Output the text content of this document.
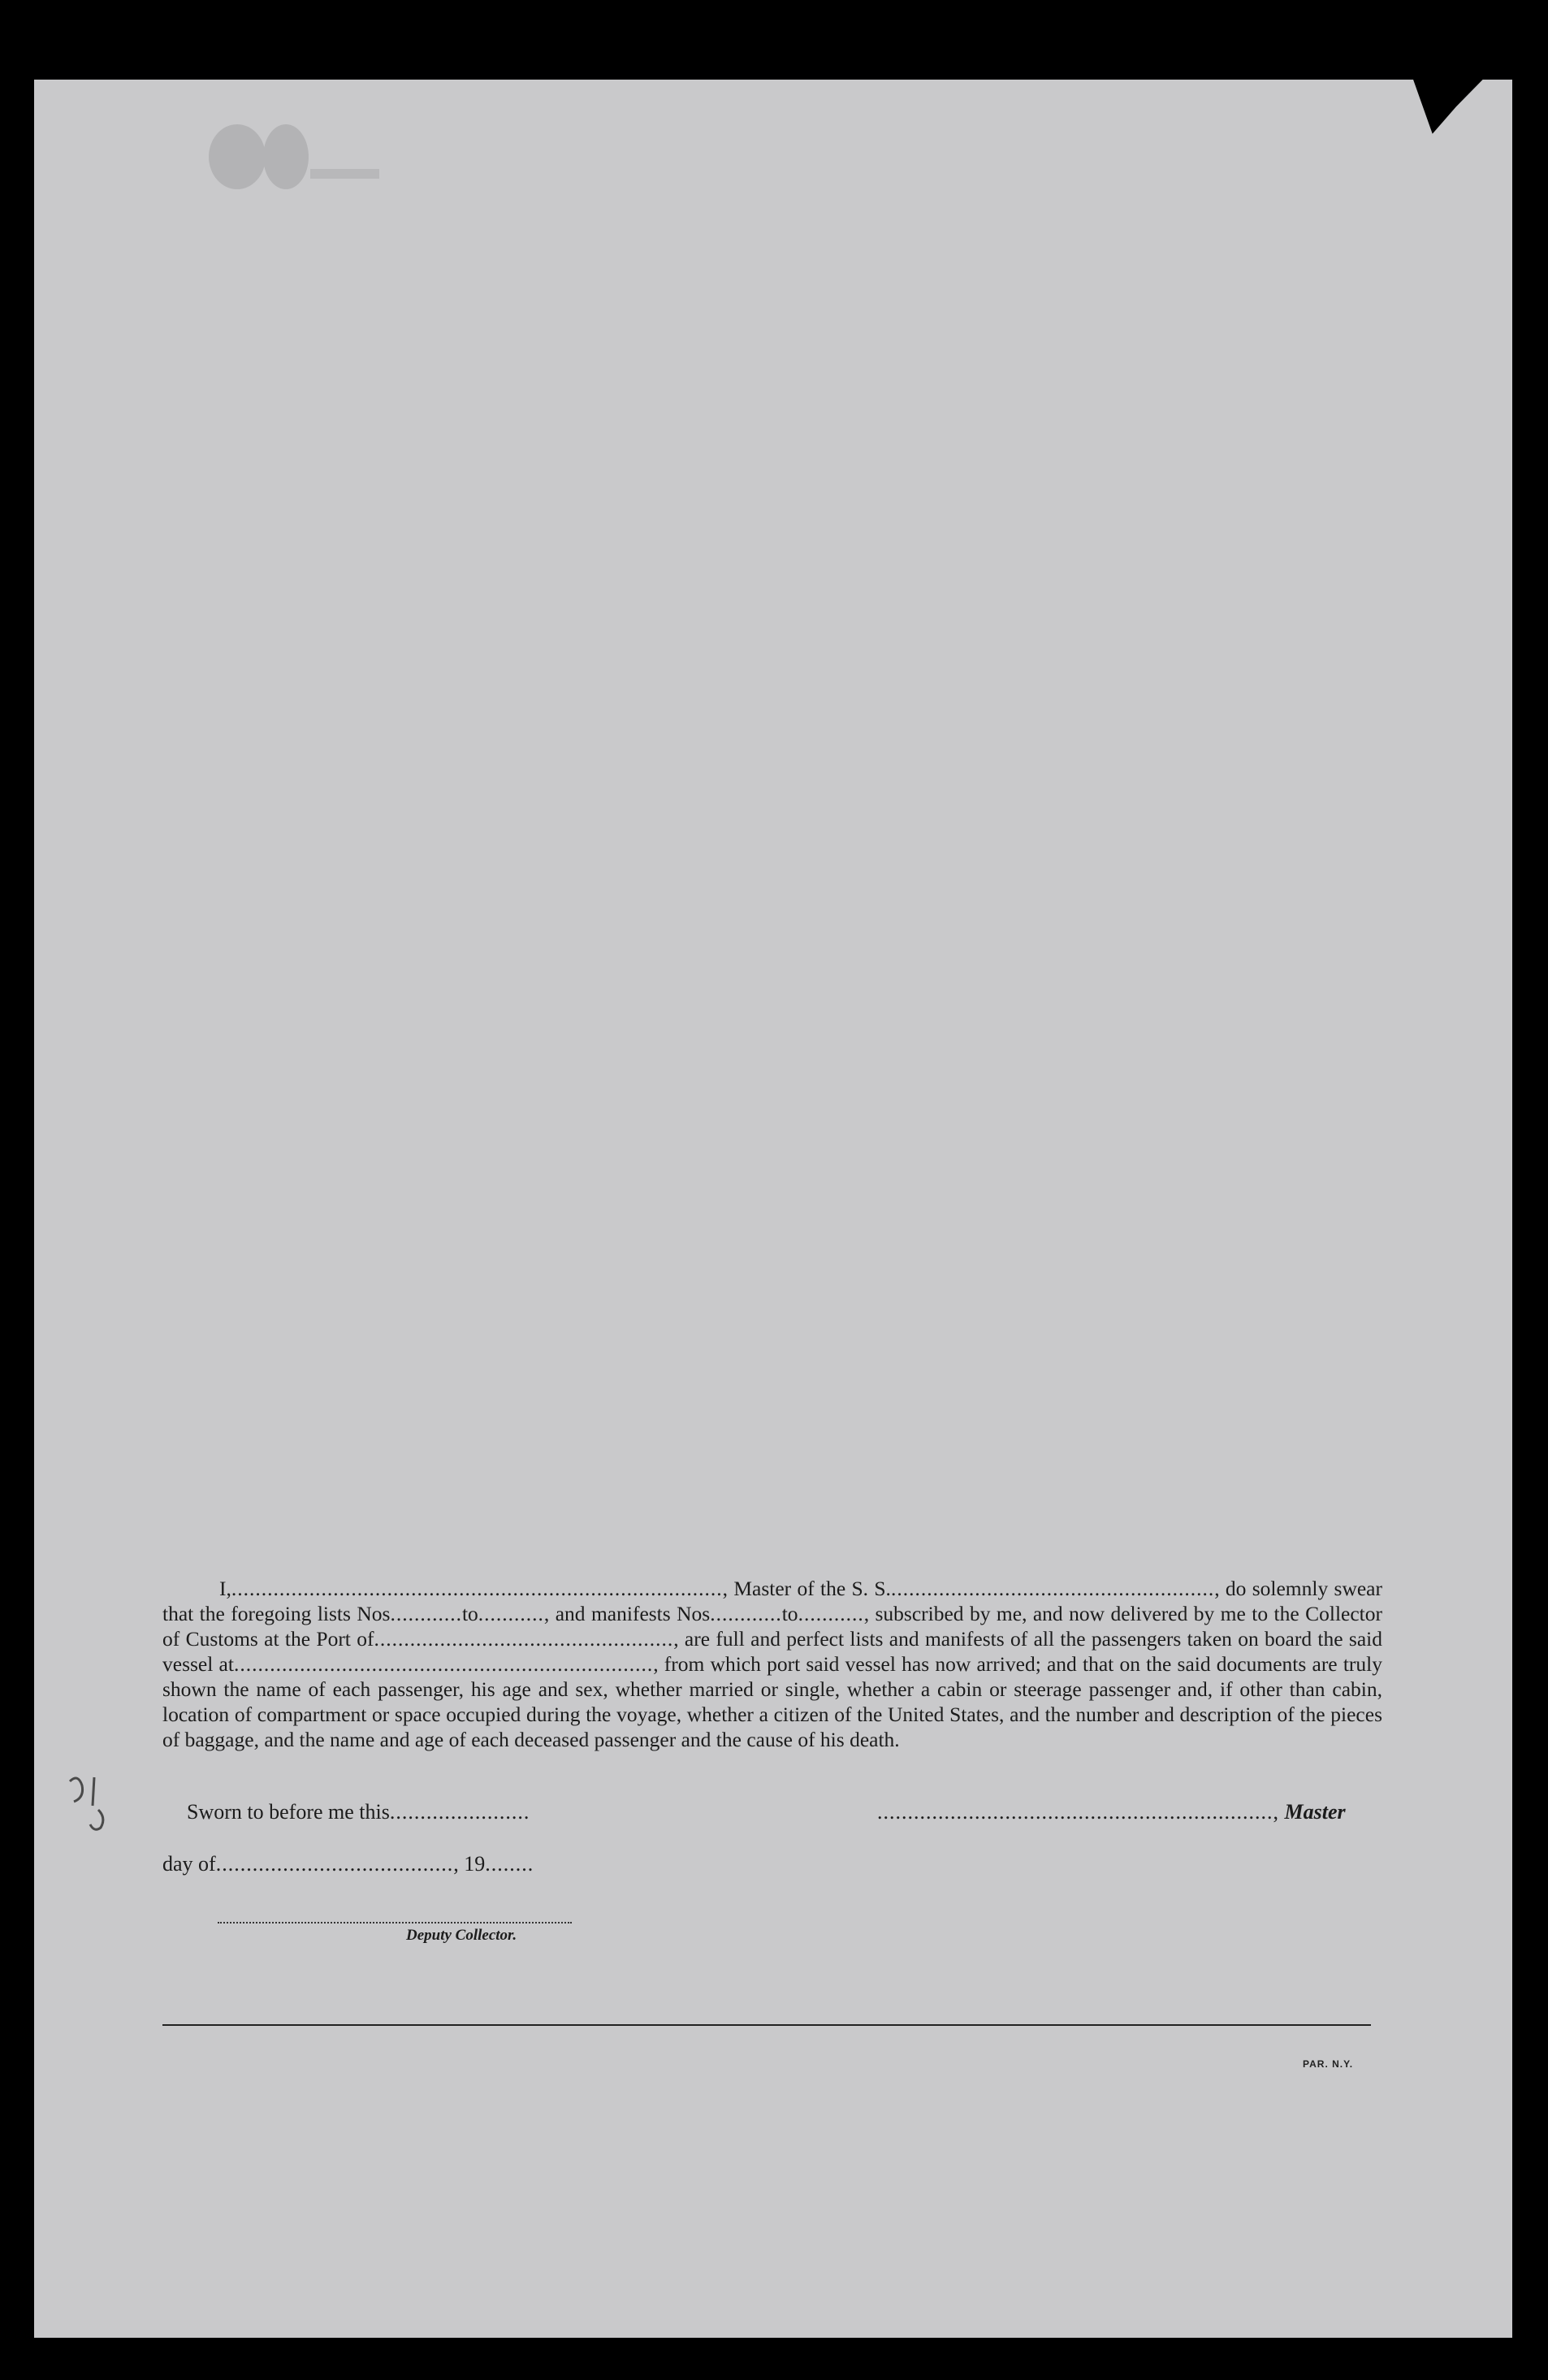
I,.................................................................................., Master of the S. S......................................................., do solemnly swear that the foregoing lists Nos............to..........., and manifests Nos............to..........., subscribed by me, and now delivered by me to the Collector of Customs at the Port of.................................................., are full and perfect lists and manifests of all the passengers taken on board the said vessel at......................................................................, from which port said vessel has now arrived; and that on the said documents are truly shown the name of each passenger, his age and sex, whether married or single, whether a cabin or steerage passenger and, if other than cabin, location of compartment or space occupied during the voyage, whether a citizen of the United States, and the number and description of the pieces of baggage, and the name and age of each deceased passenger and the cause of his death.

Sworn to before me this.......................	................................................................., Master
day of......................................., 19........
Deputy Collector.
PAR. N.Y.
